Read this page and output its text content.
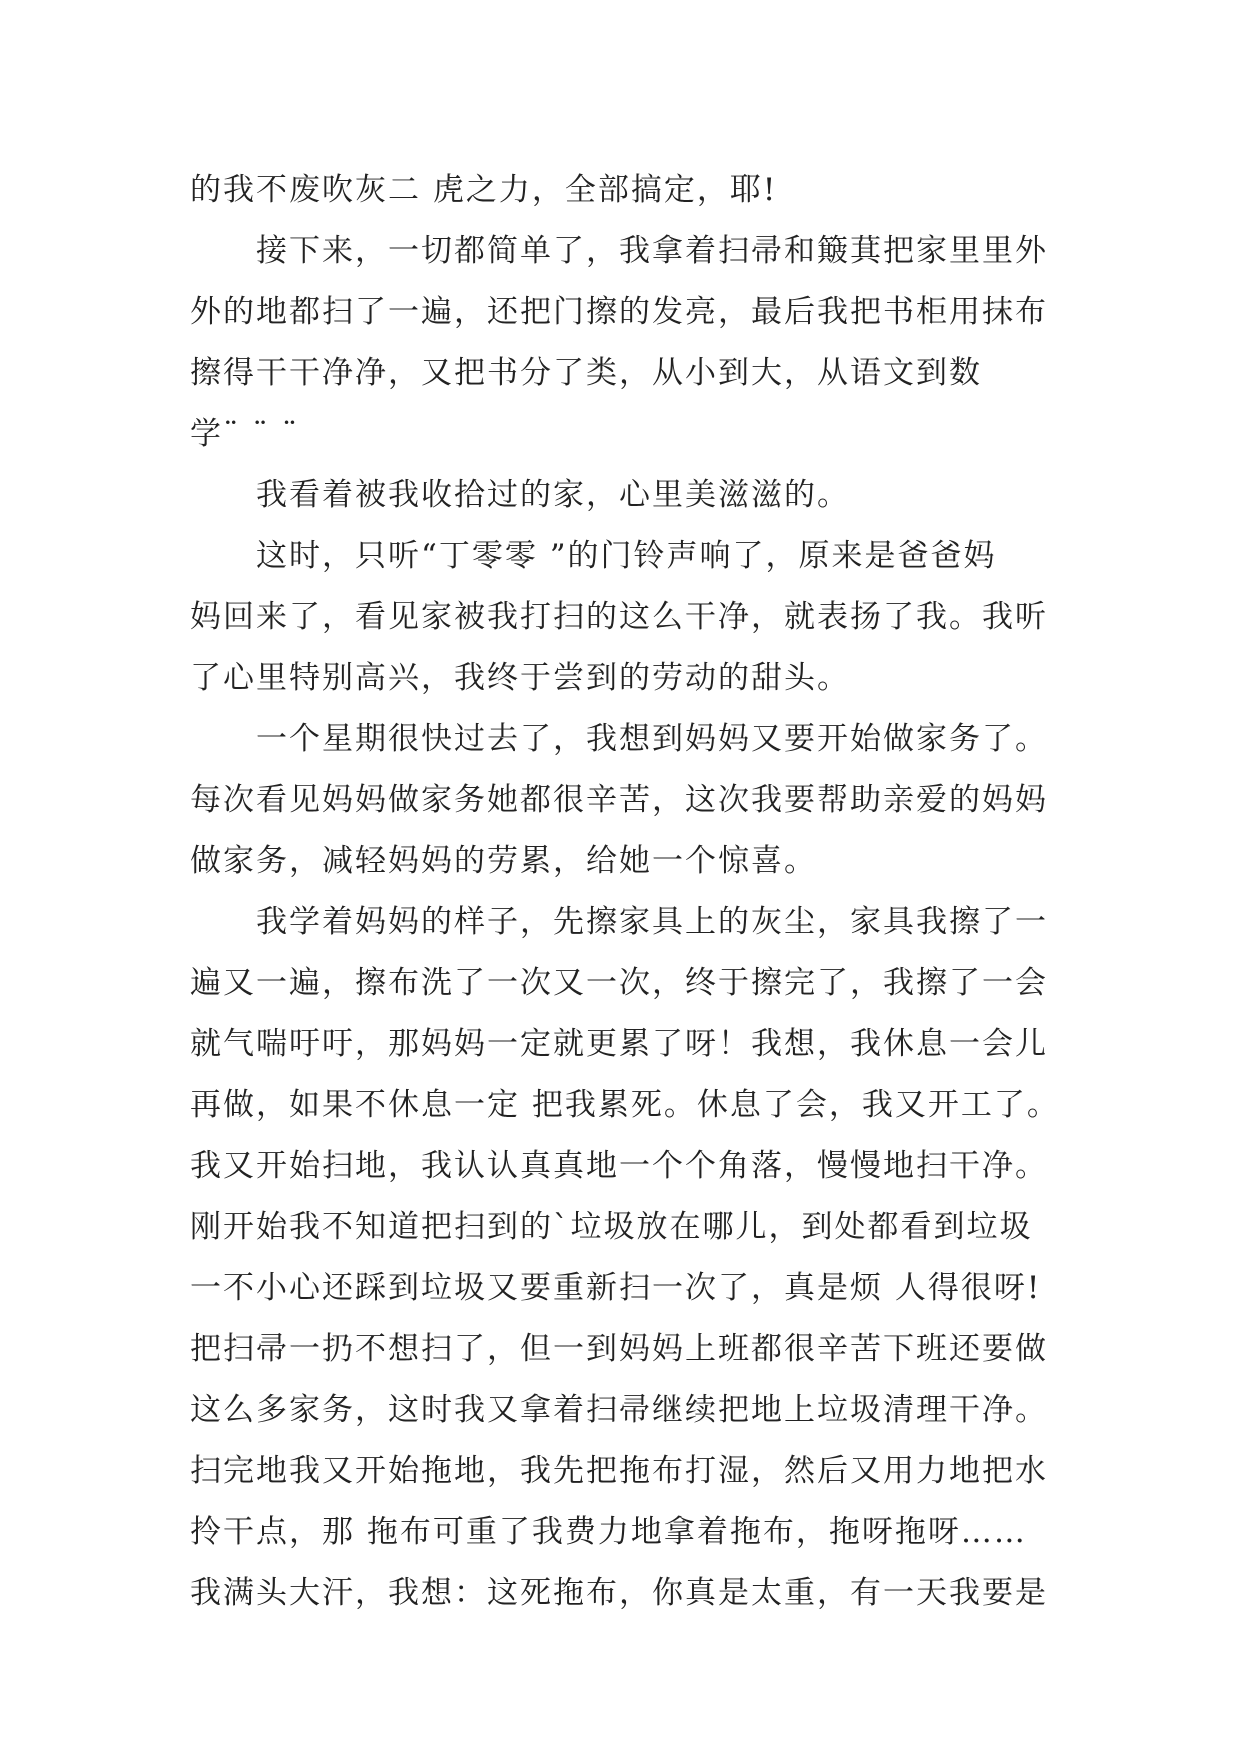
的我不废吹灰二 虎之力，全部搞定，耶!
接下来，一切都简单了，我拿着扫帚和簸萁把家里里外
外的地都扫了一遍，还把门擦的发亮，最后我把书柜用抹布
擦得干干净净，又把书分了类，从小到大，从语文到数
学¨ ¨ ¨
我看着被我收拾过的家，心里美滋滋的。
这时，只听“丁零零 ”的门铃声响了，原来是爸爸妈
妈回来了，看见家被我打扫的这么干净，就表扬了我。我听
了心里特别高兴，我终于尝到的劳动的甜头。
一个星期很快过去了，我想到妈妈又要开始做家务了。
每次看见妈妈做家务她都很辛苦，这次我要帮助亲爱的妈妈
做家务，减轻妈妈的劳累，给她一个惊喜。
我学着妈妈的样子，先擦家具上的灰尘，家具我擦了一
遍又一遍，擦布洗了一次又一次，终于擦完了，我擦了一会
就气喘吁吁，那妈妈一定就更累了呀！我想，我休息一会儿
再做，如果不休息一定 把我累死。休息了会，我又开工了。
我又开始扫地，我认认真真地一个个角落，慢慢地扫干净。
刚开始我不知道把扫到的`垃圾放在哪儿，到处都看到垃圾
一不小心还踩到垃圾又要重新扫一次了，真是烦 人得很呀!
把扫帚一扔不想扫了，但一到妈妈上班都很辛苦下班还要做
这么多家务，这时我又拿着扫帚继续把地上垃圾清理干净。
扫完地我又开始拖地，我先把拖布打湿，然后又用力地把水
拎干点，那 拖布可重了我费力地拿着拖布，拖呀拖呀……
我满头大汗，我想：这死拖布，你真是太重，有一天我要是
